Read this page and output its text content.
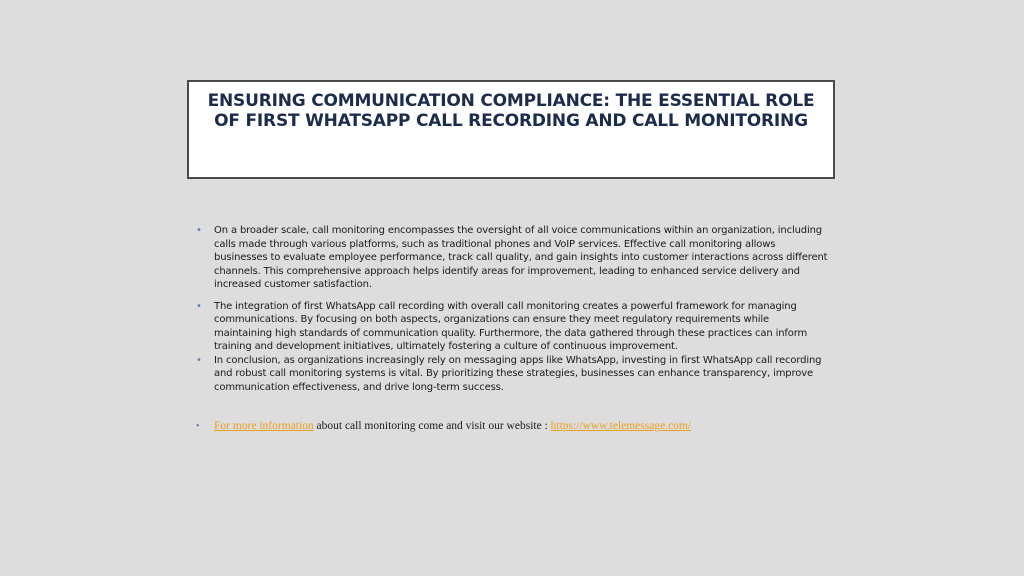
ENSURING COMMUNICATION COMPLIANCE: THE ESSENTIAL ROLE OF FIRST WHATSAPP CALL RECORDING AND CALL MONITORING
• On a broader scale, call monitoring encompasses the oversight of all voice communications within an organization, including calls made through various platforms, such as traditional phones and VoIP services. Effective call monitoring allows businesses to evaluate employee performance, track call quality, and gain insights into customer interactions across different channels. This comprehensive approach helps identify areas for improvement, leading to enhanced service delivery and increased customer satisfaction.
• The integration of first WhatsApp call recording with overall call monitoring creates a powerful framework for managing communications. By focusing on both aspects, organizations can ensure they meet regulatory requirements while maintaining high standards of communication quality. Furthermore, the data gathered through these practices can inform training and development initiatives, ultimately fostering a culture of continuous improvement.
• In conclusion, as organizations increasingly rely on messaging apps like WhatsApp, investing in first WhatsApp call recording and robust call monitoring systems is vital. By prioritizing these strategies, businesses can enhance transparency, improve communication effectiveness, and drive long-term success.
• For more information about call monitoring come and visit our website : https://www.telemessage.com/
